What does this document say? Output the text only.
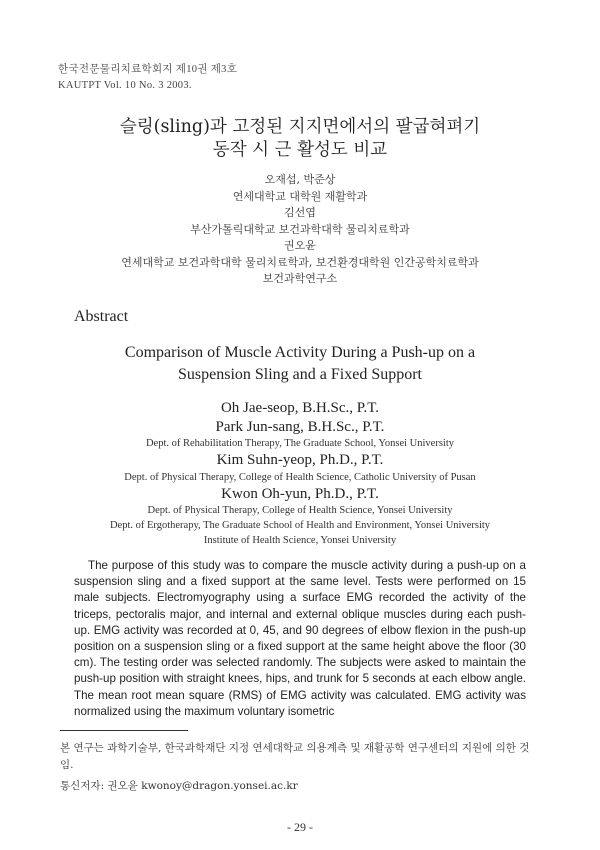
한국전문물리치료학회지 제10권 제3호
KAUTPT Vol. 10 No. 3 2003.
슬링(sling)과 고정된 지지면에서의 팔굽혀펴기
동작 시 근 활성도 비교
오재섭, 박준상
연세대학교 대학원 재활학과
김선엽
부산가톨릭대학교 보건과학대학 물리치료학과
권오윤
연세대학교 보건과학대학 물리치료학과, 보건환경대학원 인간공학치료학과
보건과학연구소
Abstract
Comparison of Muscle Activity During a Push-up on a
Suspension Sling and a Fixed Support
Oh Jae-seop, B.H.Sc., P.T.
Park Jun-sang, B.H.Sc., P.T.
Dept. of Rehabilitation Therapy, The Graduate School, Yonsei University
Kim Suhn-yeop, Ph.D., P.T.
Dept. of Physical Therapy, College of Health Science, Catholic University of Pusan
Kwon Oh-yun, Ph.D., P.T.
Dept. of Physical Therapy, College of Health Science, Yonsei University
Dept. of Ergotherapy, The Graduate School of Health and Environment, Yonsei University
Institute of Health Science, Yonsei University
The purpose of this study was to compare the muscle activity during a push-up on a suspension sling and a fixed support at the same level. Tests were performed on 15 male subjects. Electromyography using a surface EMG recorded the activity of the triceps, pectoralis major, and internal and external oblique muscles during each push-up. EMG activity was recorded at 0, 45, and 90 degrees of elbow flexion in the push-up position on a suspension sling or a fixed support at the same height above the floor (30 cm). The testing order was selected randomly. The subjects were asked to maintain the push-up position with straight knees, hips, and trunk for 5 seconds at each elbow angle. The mean root mean square (RMS) of EMG activity was calculated. EMG activity was normalized using the maximum voluntary isometric
본 연구는 과학기술부, 한국과학재단 지정 연세대학교 의용계측 및 재활공학 연구센터의 지원에 의한 것임.
통신저자: 권오윤 kwonoy@dragon.yonsei.ac.kr
- 29 -
